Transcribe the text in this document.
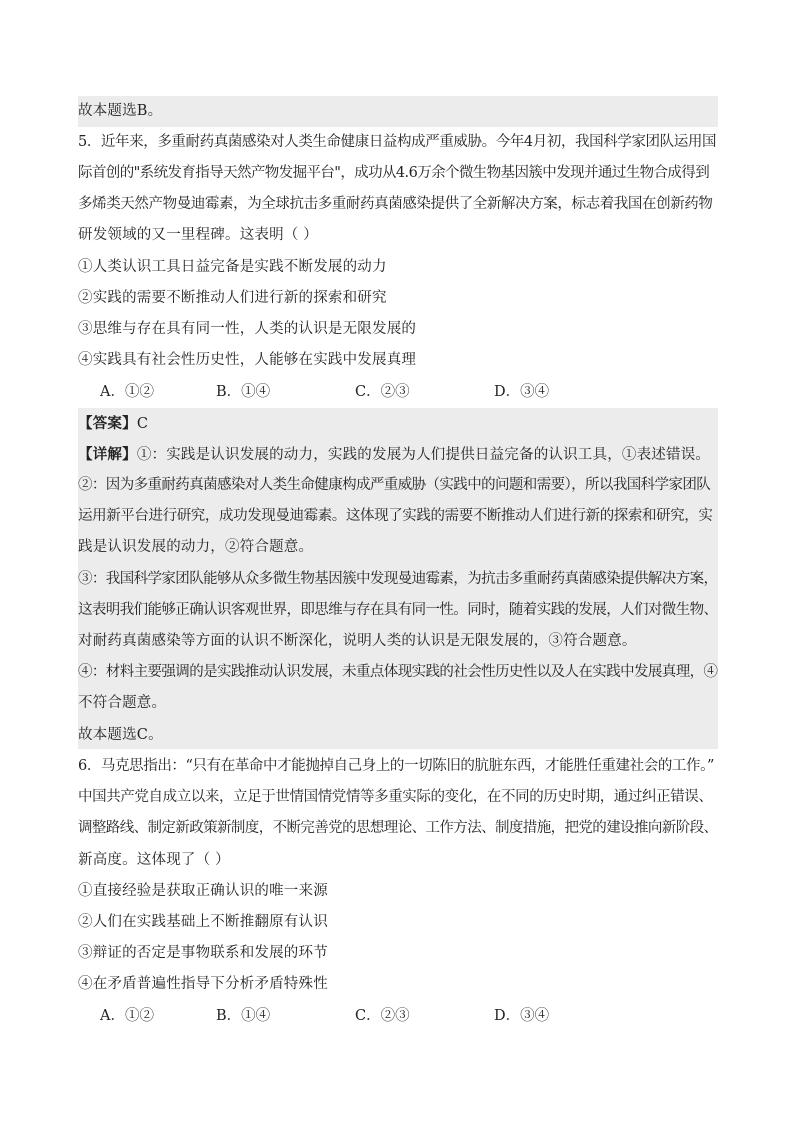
故本题选B。
5．近年来，多重耐药真菌感染对人类生命健康日益构成严重威胁。今年4月初，我国科学家团队运用国
际首创的"系统发育指导天然产物发掘平台"，成功从4.6万余个微生物基因簇中发现并通过生物合成得到
多烯类天然产物曼迪霉素，为全球抗击多重耐药真菌感染提供了全新解决方案，标志着我国在创新药物
研发领域的又一里程碑。这表明（ ）
①人类认识工具日益完备是实践不断发展的动力
②实践的需要不断推动人们进行新的探索和研究
③思维与存在具有同一性，人类的认识是无限发展的
④实践具有社会性历史性，人能够在实践中发展真理
A．①②	B．①④	C．②③	D．③④
【答案】C
【详解】①：实践是认识发展的动力，实践的发展为人们提供日益完备的认识工具，①表述错误。
②：因为多重耐药真菌感染对人类生命健康构成严重威胁（实践中的问题和需要），所以我国科学家团队
运用新平台进行研究，成功发现曼迪霉素。这体现了实践的需要不断推动人们进行新的探索和研究，实
践是认识发展的动力，②符合题意。
③：我国科学家团队能够从众多微生物基因簇中发现曼迪霉素，为抗击多重耐药真菌感染提供解决方案，
这表明我们能够正确认识客观世界，即思维与存在具有同一性。同时，随着实践的发展，人们对微生物、
对耐药真菌感染等方面的认识不断深化，说明人类的认识是无限发展的，③符合题意。
④：材料主要强调的是实践推动认识发展，未重点体现实践的社会性历史性以及人在实践中发展真理，④
不符合题意。
故本题选C。
6．马克思指出：“只有在革命中才能抛掉自己身上的一切陈旧的肮脏东西，才能胜任重建社会的工作。”
中国共产党自成立以来，立足于世情国情党情等多重实际的变化，在不同的历史时期，通过纠正错误、
调整路线、制定新政策新制度，不断完善党的思想理论、工作方法、制度措施，把党的建设推向新阶段、
新高度。这体现了（ ）
①直接经验是获取正确认识的唯一来源
②人们在实践基础上不断推翻原有认识
③辩证的否定是事物联系和发展的环节
④在矛盾普遍性指导下分析矛盾特殊性
A．①②	B．①④	C．②③	D．③④
